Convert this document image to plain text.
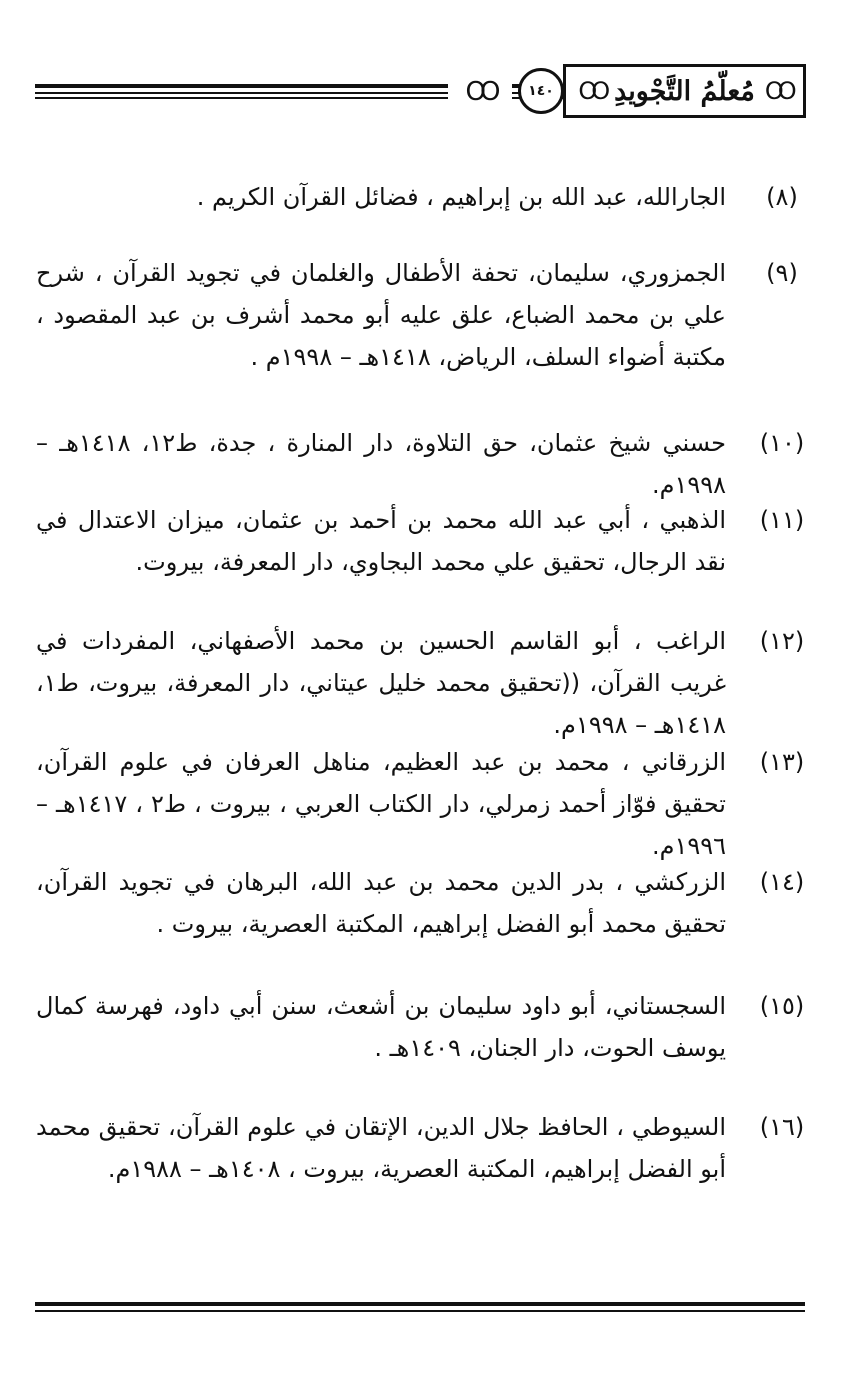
OO	١٤٠	OO
مُعلّمُ التَّجْويدِ
OO
(٨)
الجارالله، عبد الله بن إبراهيم ، فضائل القرآن الكريم .
(٩)
الجمزوري، سليمان، تحفة الأطفال والغلمان في تجويد القرآن ، شرح علي بن محمد الضباع، علق عليه أبو محمد أشرف بن عبد المقصود ، مكتبة أضواء السلف، الرياض، ١٤١٨هـ – ١٩٩٨م .
(١٠)
حسني شيخ عثمان، حق التلاوة، دار المنارة ، جدة، ط١٢، ١٤١٨هـ – ١٩٩٨م.
(١١)
الذهبي ، أبي عبد الله محمد بن أحمد بن عثمان، ميزان الاعتدال في نقد الرجال، تحقيق علي محمد البجاوي، دار المعرفة، بيروت.
(١٢)
الراغب ، أبو القاسم الحسين بن محمد الأصفهاني، المفردات في غريب القرآن، ((تحقيق محمد خليل عيتاني، دار المعرفة، بيروت، ط١، ١٤١٨هـ – ١٩٩٨م.
(١٣)
الزرقاني ، محمد بن عبد العظيم، مناهل العرفان في علوم القرآن، تحقيق فوّاز أحمد زمرلي، دار الكتاب العربي ، بيروت ، ط٢ ، ١٤١٧هـ – ١٩٩٦م.
(١٤)
الزركشي ، بدر الدين محمد بن عبد الله، البرهان في تجويد القرآن، تحقيق محمد أبو الفضل إبراهيم، المكتبة العصرية، بيروت .
(١٥)
السجستاني، أبو داود سليمان بن أشعث، سنن أبي داود، فهرسة كمال يوسف الحوت، دار الجنان، ١٤٠٩هـ .
(١٦)
السيوطي ، الحافظ جلال الدين، الإتقان في علوم القرآن، تحقيق محمد أبو الفضل إبراهيم، المكتبة العصرية، بيروت ، ١٤٠٨هـ – ١٩٨٨م.
